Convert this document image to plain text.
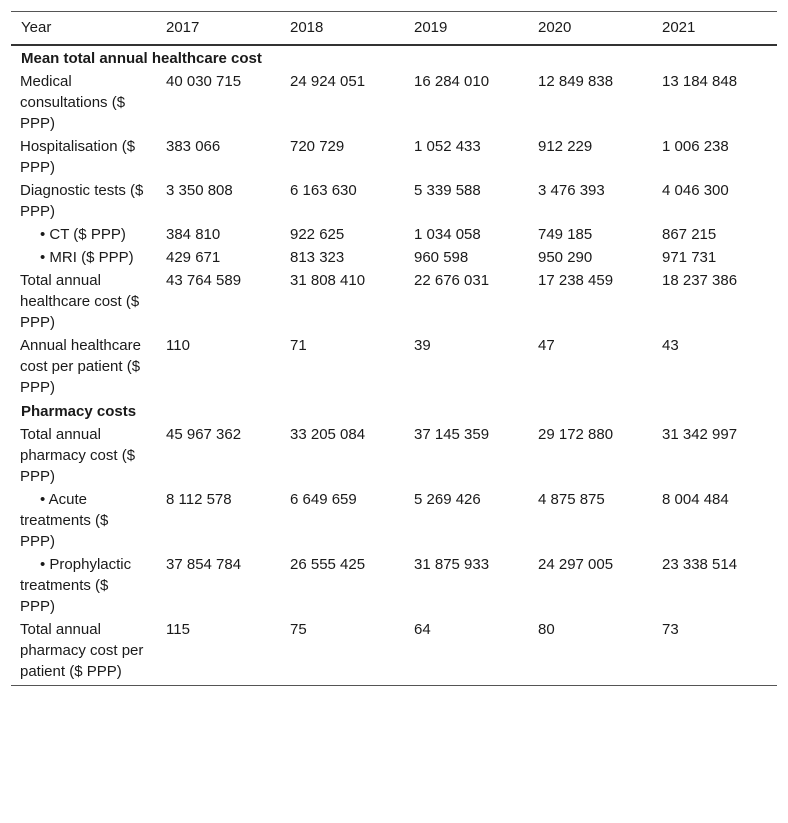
Year	2017	2018	2019	2020	2021
Mean total annual healthcare cost					
Medical consultations ($ PPP)	40 030 715	24 924 051	16 284 010	12 849 838	13 184 848
Hospitalisation ($ PPP)	383 066	720 729	1 052 433	912 229	1 006 238
Diagnostic tests ($ PPP)	3 350 808	6 163 630	5 339 588	3 476 393	4 046 300
• CT ($ PPP)	384 810	922 625	1 034 058	749 185	867 215
• MRI ($ PPP)	429 671	813 323	960 598	950 290	971 731
Total annual healthcare cost ($ PPP)	43 764 589	31 808 410	22 676 031	17 238 459	18 237 386
Annual healthcare cost per patient ($ PPP)	110	71	39	47	43
Pharmacy costs					
Total annual pharmacy cost ($ PPP)	45 967 362	33 205 084	37 145 359	29 172 880	31 342 997
• Acute treatments ($ PPP)	8 112 578	6 649 659	5 269 426	4 875 875	8 004 484
• Prophylactic treatments ($ PPP)	37 854 784	26 555 425	31 875 933	24 297 005	23 338 514
Total annual pharmacy cost per patient ($ PPP)	115	75	64	80	73
